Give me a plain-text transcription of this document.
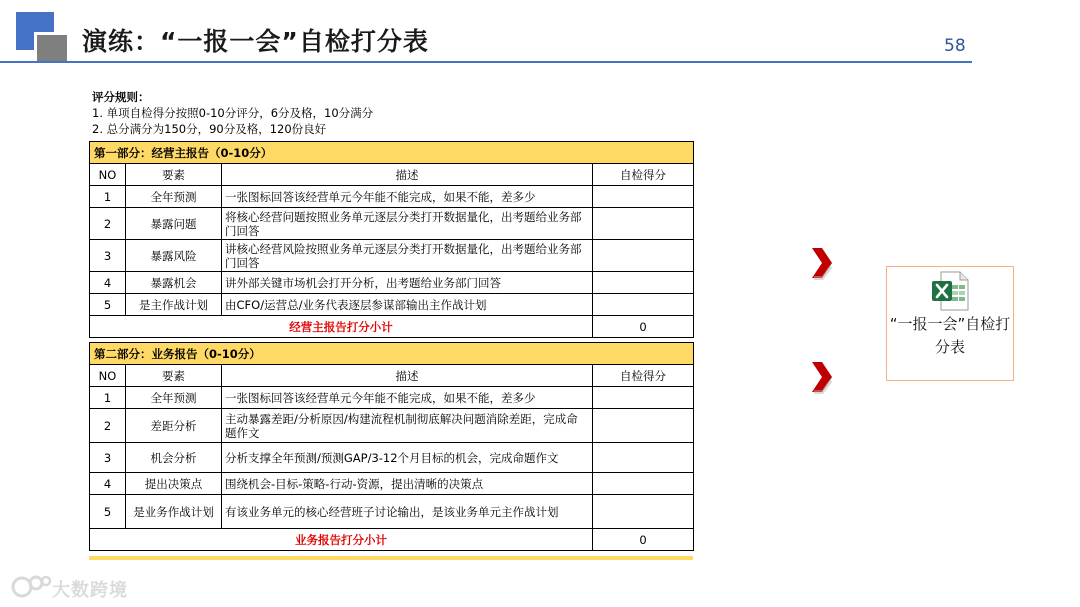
演练：“一报一会”自检打分表	58
评分规则：
1. 单项自检得分按照0-10分评分，6分及格，10分满分
2. 总分满分为150分，90分及格，120份良好
第一部分：经营主报告（0-10分）			
NO	要素	描述	自检得分
1	全年预测	一张图标回答该经营单元今年能不能完成，如果不能，差多少	
2	暴露问题	将核心经营问题按照业务单元逐层分类打开数据量化，出考题给业务部门回答	
3	暴露风险	讲核心经营风险按照业务单元逐层分类打开数据量化，出考题给业务部门回答	
4	暴露机会	讲外部关键市场机会打开分析，出考题给业务部门回答	
5	是主作战计划	由CFO/运营总/业务代表逐层参谋部输出主作战计划	
经营主报告打分小计			0
第二部分：业务报告（0-10分）			
NO	要素	描述	自检得分
1	全年预测	一张图标回答该经营单元今年能不能完成，如果不能，差多少	
2	差距分析	主动暴露差距/分析原因/构建流程机制彻底解决问题消除差距，完成命题作文	
3	机会分析	分析支撑全年预测/预测GAP/3-12个月目标的机会，完成命题作文	
4	提出决策点	围绕机会-目标-策略-行动-资源，提出清晰的决策点	
5	是业务作战计划	有该业务单元的核心经营班子讨论输出，是该业务单元主作战计划	
业务报告打分小计			0
“一报一会”自检打
分表
大数跨境
